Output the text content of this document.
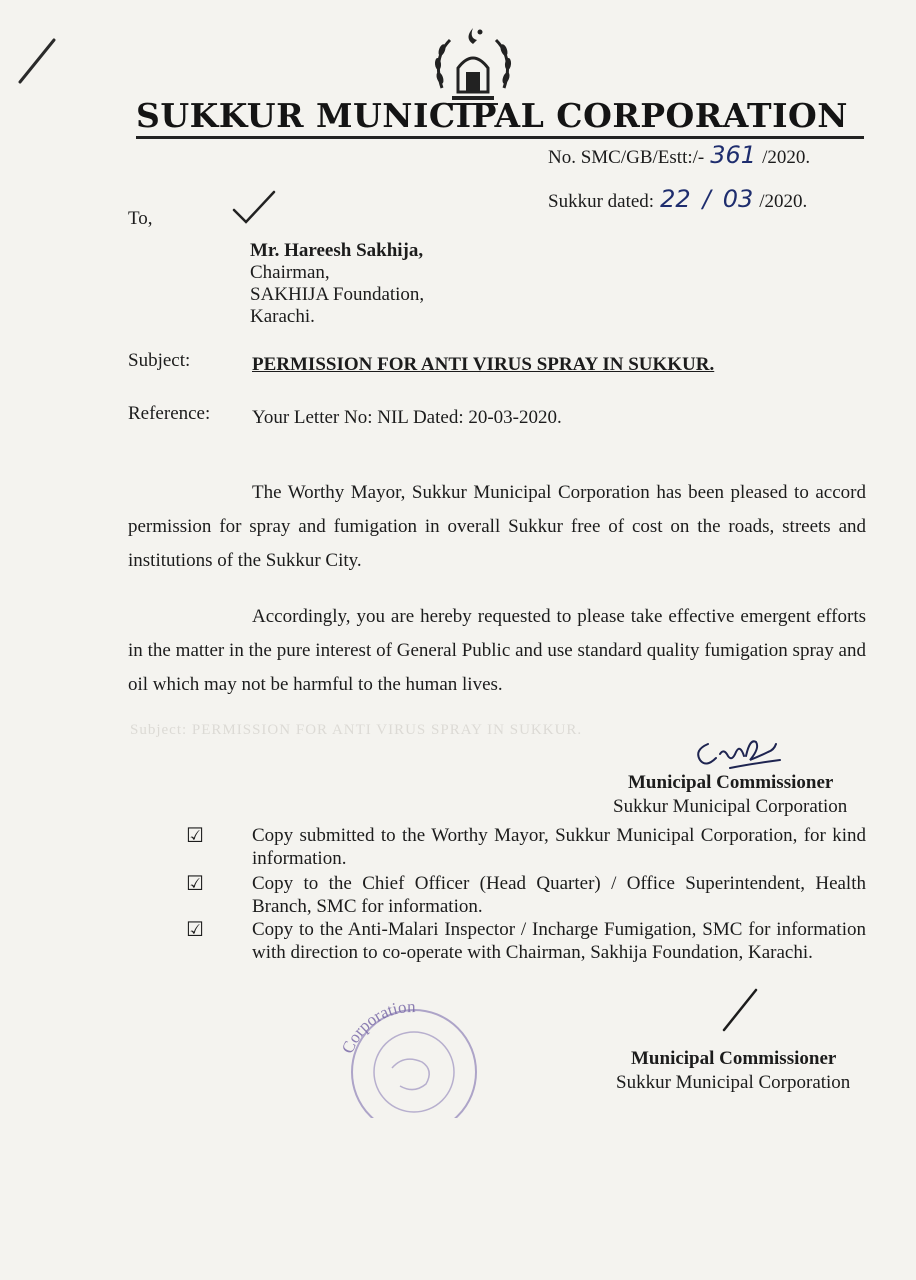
SUKKUR MUNICIPAL CORPORATION
No. SMC/GB/Estt:/- 361 /2020.
Sukkur dated: 22 / 03 /2020.
To,
Mr. Hareesh Sakhija,
Chairman,
SAKHIJA Foundation,
Karachi.
Subject:	PERMISSION FOR ANTI VIRUS SPRAY IN SUKKUR.
Reference: Your Letter No: NIL Dated: 20-03-2020.
The Worthy Mayor, Sukkur Municipal Corporation has been pleased to accord permission for spray and fumigation in overall Sukkur free of cost on the roads, streets and institutions of the Sukkur City.
Accordingly, you are hereby requested to please take effective emergent efforts in the matter in the pure interest of General Public and use standard quality fumigation spray and oil which may not be harmful to the human lives.
Subject: PERMISSION FOR ANTI VIRUS SPRAY IN SUKKUR.
Municipal Commissioner
Sukkur Municipal Corporation
☑	Copy submitted to the Worthy Mayor, Sukkur Municipal Corporation, for kind information.
☑	Copy to the Chief Officer (Head Quarter) / Office Superintendent, Health Branch, SMC for information.
☑	Copy to the Anti-Malari Inspector / Incharge Fumigation, SMC for information with direction to co-operate with Chairman, Sakhija Foundation, Karachi.
Corporation
Municipal Commissioner
Sukkur Municipal Corporation
